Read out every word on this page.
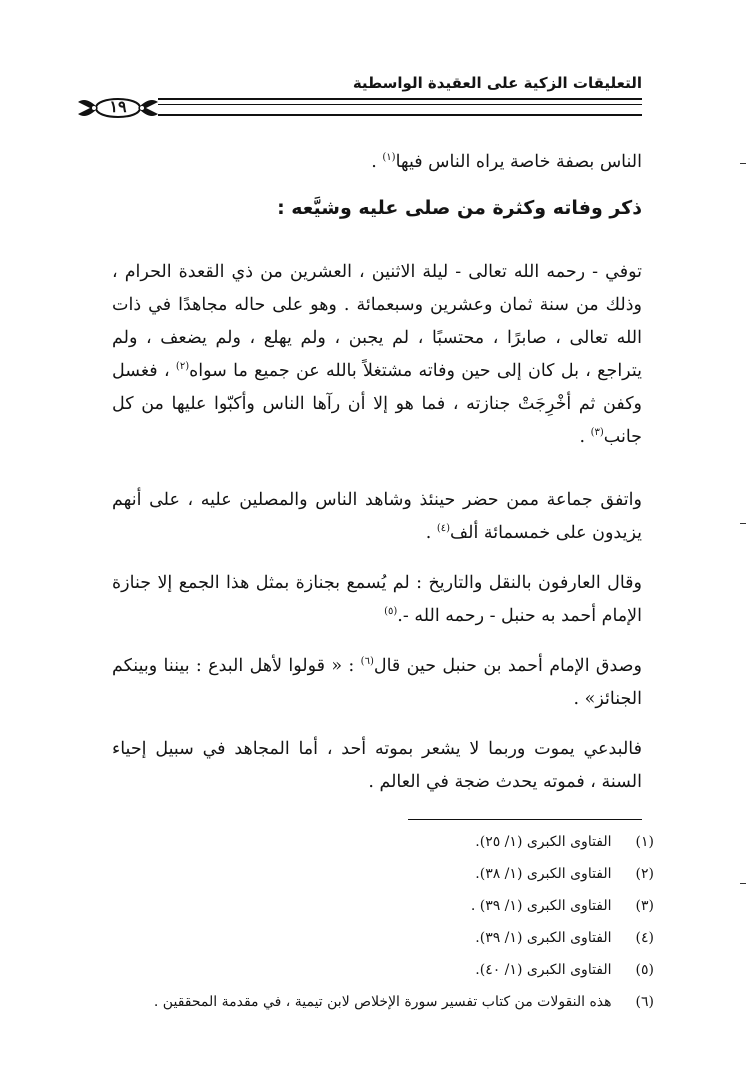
التعليقات الزكية على العقيدة الواسطية
١٩
الناس بصفة خاصة يراه الناس فيها$^{(١)}$ .
ذكر وفاته وكثرة من صلى عليه وشيَّعه :
توفي - رحمه الله تعالى - ليلة الاثنين ، العشرين من ذي القعدة الحرام ، وذلك من سنة ثمان وعشرين وسبعمائة . وهو على حاله مجاهدًا في ذات الله تعالى ، صابرًا ، محتسبًا ، لم يجبن ، ولم يهلع ، ولم يضعف ، ولم يتراجع ، بل كان إلى حين وفاته مشتغلاً بالله عن جميع ما سواه$^{(٢)}$ ، فغسل وكفن ثم أخْرِجَتْ جنازته ، فما هو إلا أن رآها الناس وأكبّوا عليها من كل جانب$^{(٣)}$ .
واتفق جماعة ممن حضر حينئذ وشاهد الناس والمصلين عليه ، على أنهم يزيدون على خمسمائة ألف$^{(٤)}$ .
وقال العارفون بالنقل والتاريخ : لم يُسمع بجنازة بمثل هذا الجمع إلا جنازة الإمام أحمد به حنبل - رحمه الله -.$^{(٥)}$
وصدق الإمام أحمد بن حنبل حين قال$^{(٦)}$ : « قولوا لأهل البدع : بيننا وبينكم الجنائز» .
فالبدعي يموت وربما لا يشعر بموته أحد ، أما المجاهد في سبيل إحياء السنة ، فموته يحدث ضجة في العالم .
(١) الفتاوى الكبرى (١/ ٢٥).
(٢) الفتاوى الكبرى (١/ ٣٨).
(٣) الفتاوى الكبرى (١/ ٣٩) .
(٤) الفتاوى الكبرى (١/ ٣٩).
(٥) الفتاوى الكبرى (١/ ٤٠).
(٦) هذه النقولات من كتاب تفسير سورة الإخلاص لابن تيمية ، في مقدمة المحققين .
